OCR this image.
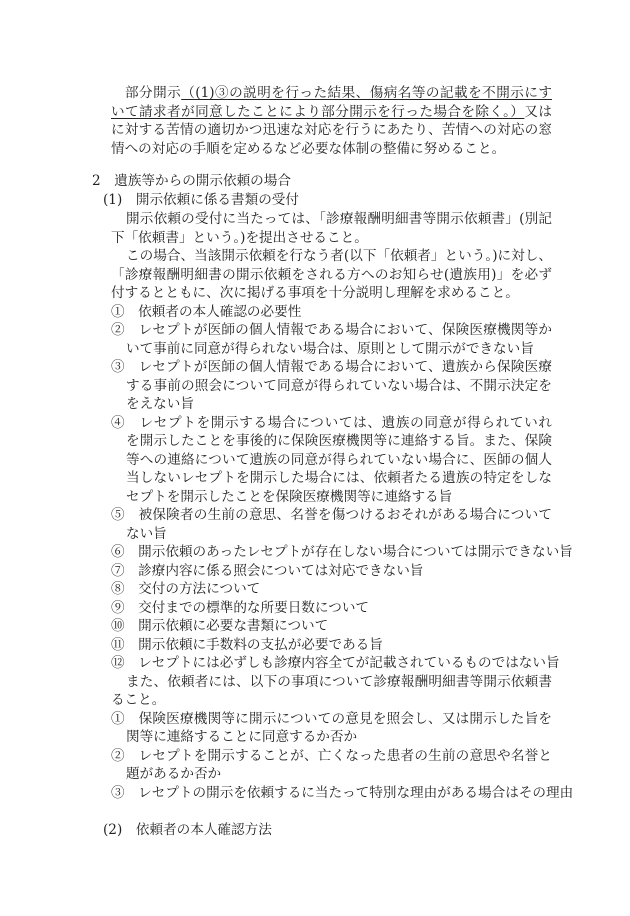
部分開示（(1)③の説明を行った結果、傷病名等の記載を不開示にす
いて請求者が同意したことにより部分開示を行った場合を除く。）又は
に対する苦情の適切かつ迅速な対応を行うにあたり、苦情への対応の窓
情への対応の手順を定めるなど必要な体制の整備に努めること。
2　遺族等からの開示依頼の場合
(1)　開示依頼に係る書類の受付
開示依頼の受付に当たっては、「診療報酬明細書等開示依頼書」(別記
下「依頼書」という。)を提出させること。
この場合、当該開示依頼を行なう者(以下「依頼者」という。)に対し、
「診療報酬明細書の開示依頼をされる方へのお知らせ(遺族用)」を必ず
付するとともに、次に掲げる事項を十分説明し理解を求めること。
①　依頼者の本人確認の必要性
②　レセプトが医師の個人情報である場合において、保険医療機関等か
いて事前に同意が得られない場合は、原則として開示ができない旨
③　レセプトが医師の個人情報である場合において、遺族から保険医療
する事前の照会について同意が得られていない場合は、不開示決定を
をえない旨
④　レセプトを開示する場合については、遺族の同意が得られていれ
を開示したことを事後的に保険医療機関等に連絡する旨。また、保険
等への連絡について遺族の同意が得られていない場合に、医師の個人
当しないレセプトを開示した場合には、依頼者たる遺族の特定をしな
セプトを開示したことを保険医療機関等に連絡する旨
⑤　被保険者の生前の意思、名誉を傷つけるおそれがある場合について
ない旨
⑥　開示依頼のあったレセプトが存在しない場合については開示できない旨
⑦　診療内容に係る照会については対応できない旨
⑧　交付の方法について
⑨　交付までの標準的な所要日数について
⑩　開示依頼に必要な書類について
⑪　開示依頼に手数料の支払が必要である旨
⑫　レセプトには必ずしも診療内容全てが記載されているものではない旨
また、依頼者には、以下の事項について診療報酬明細書等開示依頼書
ること。
①　保険医療機関等に開示についての意見を照会し、又は開示した旨を
関等に連絡することに同意するか否か
②　レセプトを開示することが、亡くなった患者の生前の意思や名誉と
題があるか否か
③　レセプトの開示を依頼するに当たって特別な理由がある場合はその理由
(2)　依頼者の本人確認方法
